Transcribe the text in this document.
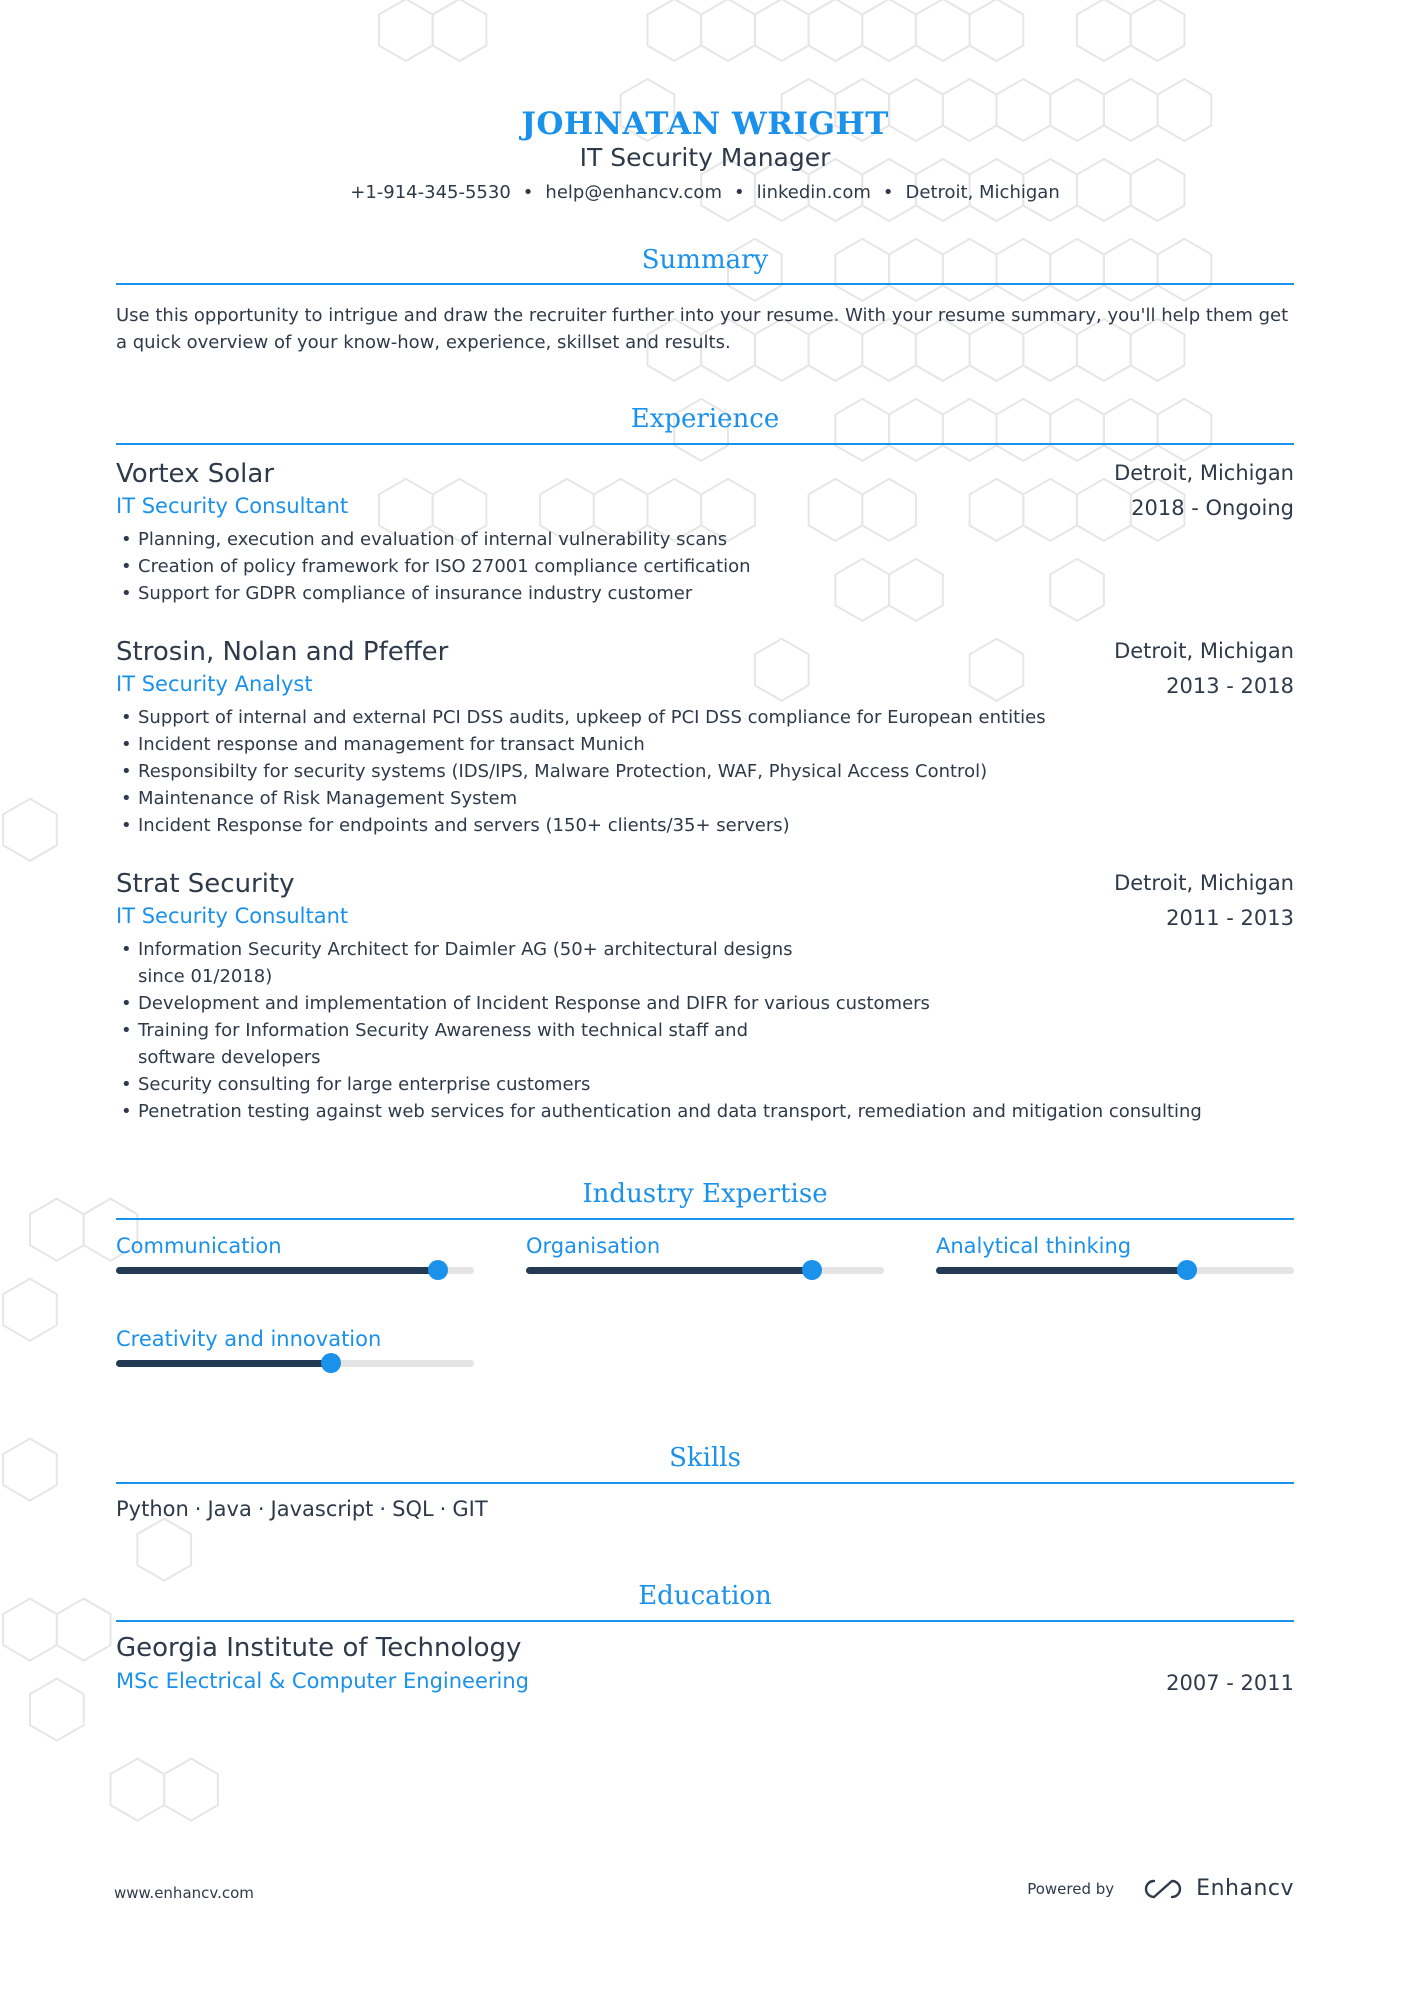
JOHNATAN WRIGHT
IT Security Manager
+1-914-345-5530 • help@enhancv.com • linkedin.com • Detroit, Michigan
Summary
Use this opportunity to intrigue and draw the recruiter further into your resume. With your resume summary, you'll help them get a quick overview of your know-how, experience, skillset and results.
Experience
Vortex Solar
IT Security Consultant
Detroit, Michigan
2018 - Ongoing
• Planning, execution and evaluation of internal vulnerability scans
• Creation of policy framework for ISO 27001 compliance certification
• Support for GDPR compliance of insurance industry customer
Strosin, Nolan and Pfeffer
IT Security Analyst
Detroit, Michigan
2013 - 2018
• Support of internal and external PCI DSS audits, upkeep of PCI DSS compliance for European entities
• Incident response and management for transact Munich
• Responsibilty for security systems (IDS/IPS, Malware Protection, WAF, Physical Access Control)
• Maintenance of Risk Management System
• Incident Response for endpoints and servers (150+ clients/35+ servers)
Strat Security
IT Security Consultant
Detroit, Michigan
2011 - 2013
• Information Security Architect for Daimler AG (50+ architectural designs since 01/2018)
• Development and implementation of Incident Response and DIFR for various customers
• Training for Information Security Awareness with technical staff and software developers
• Security consulting for large enterprise customers
• Penetration testing against web services for authentication and data transport, remediation and mitigation consulting
Industry Expertise
Communication	Organisation	Analytical thinking
Creativity and innovation
Skills
Python · Java · Javascript · SQL · GIT
Education
Georgia Institute of Technology
MSc Electrical & Computer Engineering	2007 - 2011
www.enhancv.com	Powered by	Enhancv
